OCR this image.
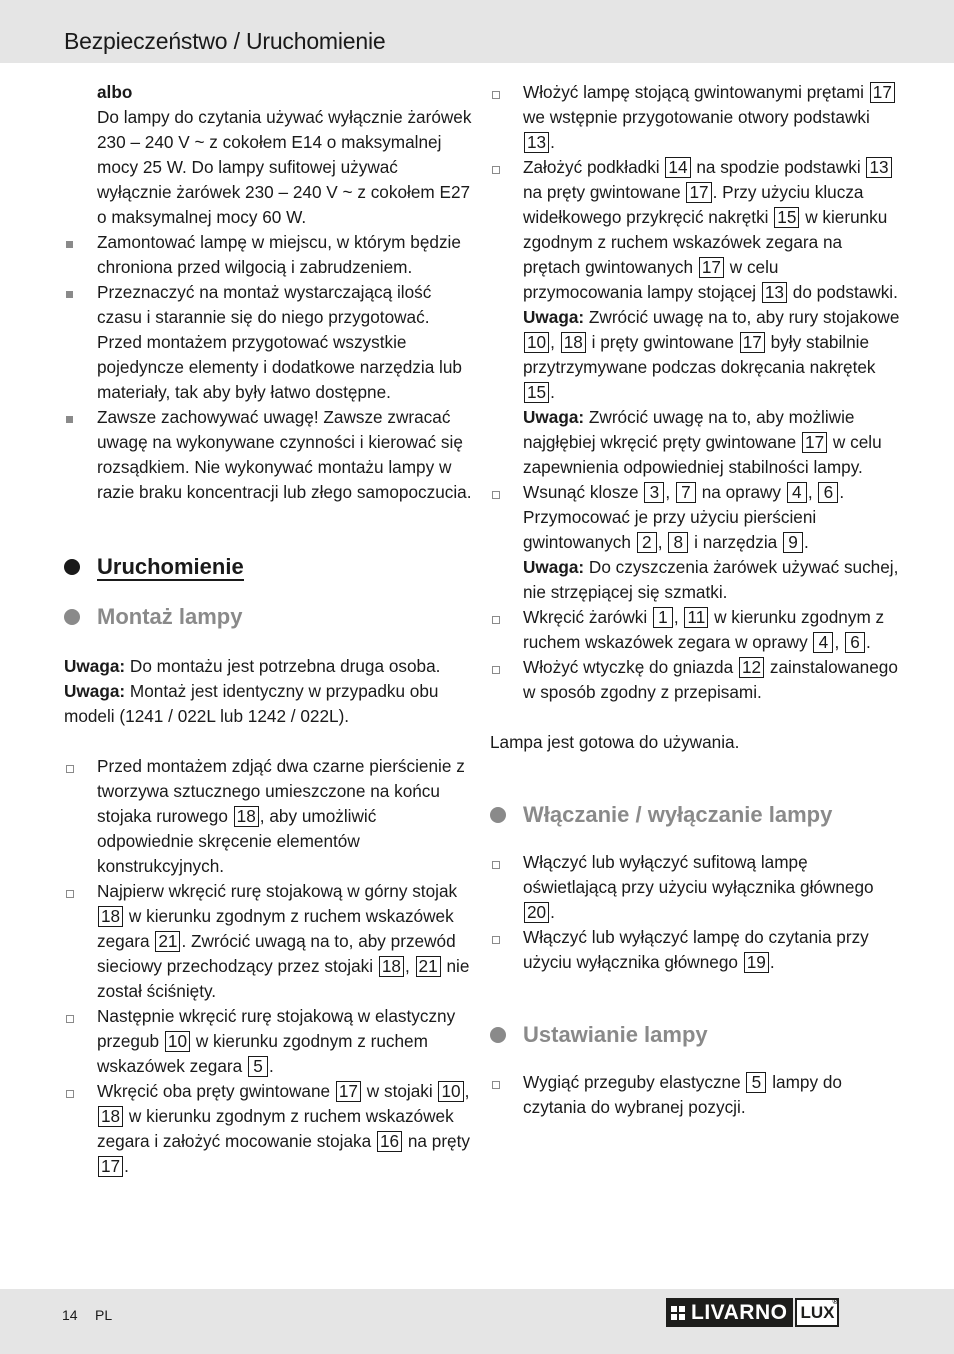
Bezpieczeństwo / Uruchomienie
albo
Do lampy do czytania używać wyłącznie żarówek 230 – 240 V ~ z cokołem E14 o maksymalnej mocy 25 W. Do lampy sufitowej używać wyłącznie żarówek 230 – 240 V ~ z cokołem E27 o maksymalnej mocy 60 W.
Zamontować lampę w miejscu, w którym będzie chroniona przed wilgocią i zabrudzeniem.
Przeznaczyć na montaż wystarczającą ilość czasu i starannie się do niego przygotować. Przed montażem przygotować wszystkie pojedyncze elementy i dodatkowe narzędzia lub materiały, tak aby były łatwo dostępne.
Zawsze zachowywać uwagę! Zawsze zwracać uwagę na wykonywane czynności i kierować się rozsądkiem. Nie wykonywać montażu lampy w razie braku koncentracji lub złego samopoczucia.
Uruchomienie
Montaż lampy
Uwaga: Do montażu jest potrzebna druga osoba.
Uwaga: Montaż jest identyczny w przypadku obu modeli (1241 / 022L lub 1242 / 022L).
Przed montażem zdjąć dwa czarne pierścienie z tworzywa sztucznego umieszczone na końcu stojaka rurowego 18 , aby umożliwić odpowiednie skręcenie elementów konstrukcyjnych.
Najpierw wkręcić rurę stojakową w górny stojak 18 w kierunku zgodnym z ruchem wskazówek zegara 21 . Zwrócić uwagą na to, aby przewód sieciowy przechodzący przez stojaki 18 , 21 nie został ściśnięty.
Następnie wkręcić rurę stojakową w elastyczny przegub 10 w kierunku zgodnym z ruchem wskazówek zegara 5 .
Wkręcić oba pręty gwintowane 17 w stojaki 10 , 18 w kierunku zgodnym z ruchem wskazówek zegara i założyć mocowanie stojaka 16 na pręty 17 .
Włożyć lampę stojącą gwintowanymi prętami 17 we wstępnie przygotowanie otwory podstawki 13 .
Założyć podkładki 14 na spodzie podstawki 13 na pręty gwintowane 17 . Przy użyciu klucza widełkowego przykręcić nakrętki 15 w kierunku zgodnym z ruchem wskazówek zegara na prętach gwintowanych 17 w celu przymocowania lampy stojącej 13 do podstawki.
Uwaga: Zwrócić uwagę na to, aby rury stojakowe 10 , 18 i pręty gwintowane 17 były stabilnie przytrzymywane podczas dokręcania nakrętek 15 .
Uwaga: Zwrócić uwagę na to, aby możliwie najgłębiej wkręcić pręty gwintowane 17 w celu zapewnienia odpowiedniej stabilności lampy.
Wsunąć klosze 3 , 7 na oprawy 4 , 6 . Przymocować je przy użyciu pierścieni gwintowanych 2 , 8 i narzędzia 9 .
Uwaga: Do czyszczenia żarówek używać suchej, nie strzępiącej się szmatki.
Wkręcić żarówki 1 , 11 w kierunku zgodnym z ruchem wskazówek zegara w oprawy 4 , 6 .
Włożyć wtyczkę do gniazda 12 zainstalowanego w sposób zgodny z przepisami.
Lampa jest gotowa do używania.
Włączanie / wyłączanie lampy
Włączyć lub wyłączyć sufitową lampę oświetlającą przy użyciu wyłącznika głównego 20 .
Włączyć lub wyłączyć lampę do czytania przy użyciu wyłącznika głównego 19 .
Ustawianie lampy
Wygiąć przeguby elastyczne 5 lampy do czytania do wybranej pozycji.
14 PL	LIVARNO LUX
®
